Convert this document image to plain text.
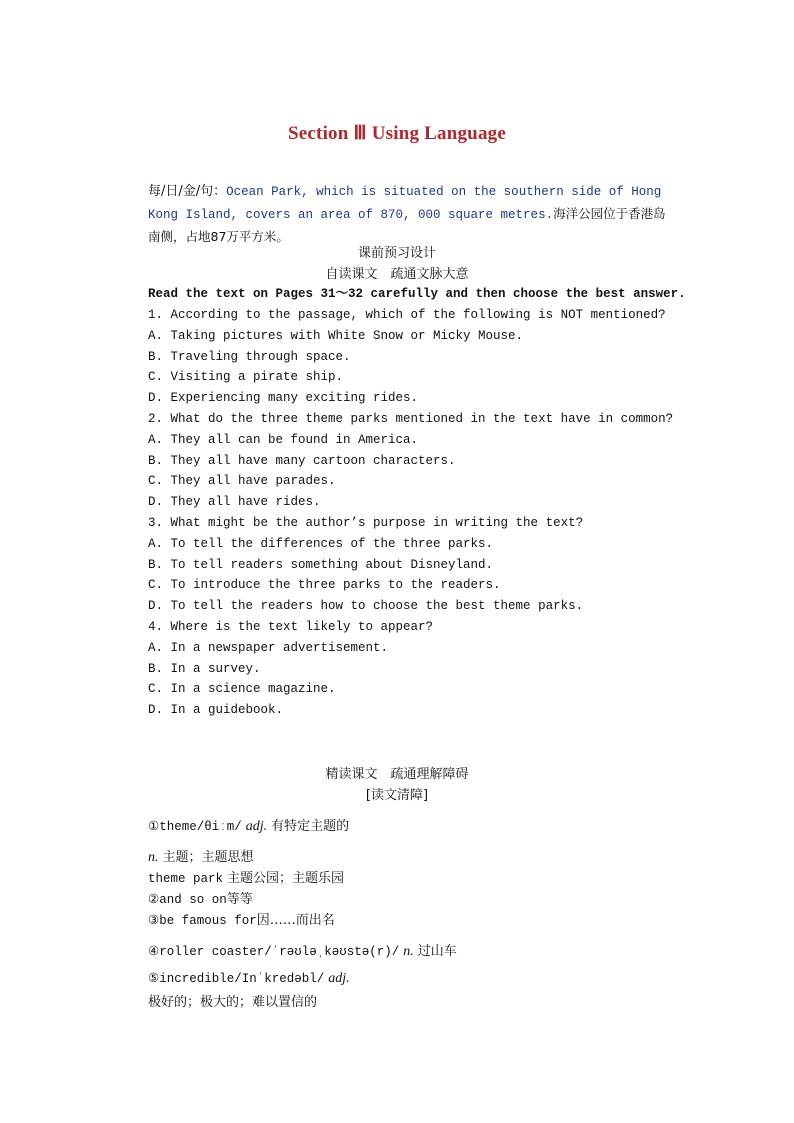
Section Ⅲ Using Language
每/日/金/句：Ocean Park, which is situated on the southern side of Hong Kong Island, covers an area of 870, 000 square metres.海洋公园位于香港岛南侧，占地87万平方米。
课前预习设计
自读课文　疏通文脉大意
Read the text on Pages 31～32 carefully and then choose the best answer.
1. According to the passage, which of the following is NOT mentioned?
A. Taking pictures with White Snow or Micky Mouse.
B. Traveling through space.
C. Visiting a pirate ship.
D. Experiencing many exciting rides.
2. What do the three theme parks mentioned in the text have in common?
A. They all can be found in America.
B. They all have many cartoon characters.
C. They all have parades.
D. They all have rides.
3. What might be the author’s purpose in writing the text?
A. To tell the differences of the three parks.
B. To tell readers something about Disneyland.
C. To introduce the three parks to the readers.
D. To tell the readers how to choose the best theme parks.
4. Where is the text likely to appear?
A. In a newspaper advertisement.
B. In a survey.
C. In a science magazine.
D. In a guidebook.
精读课文　疏通理解障碍
[读文清障]
①theme/θiːm/ adj. 有特定主题的
n. 主题；主题思想
theme park 主题公园；主题乐园
②and so on等等
③be famous for因……而出名
④roller coaster/ˈrəʊləˌkəʊstə(r)/ n. 过山车
⑤incredible/Inˈkredəbl/ adj.
极好的；极大的；难以置信的
